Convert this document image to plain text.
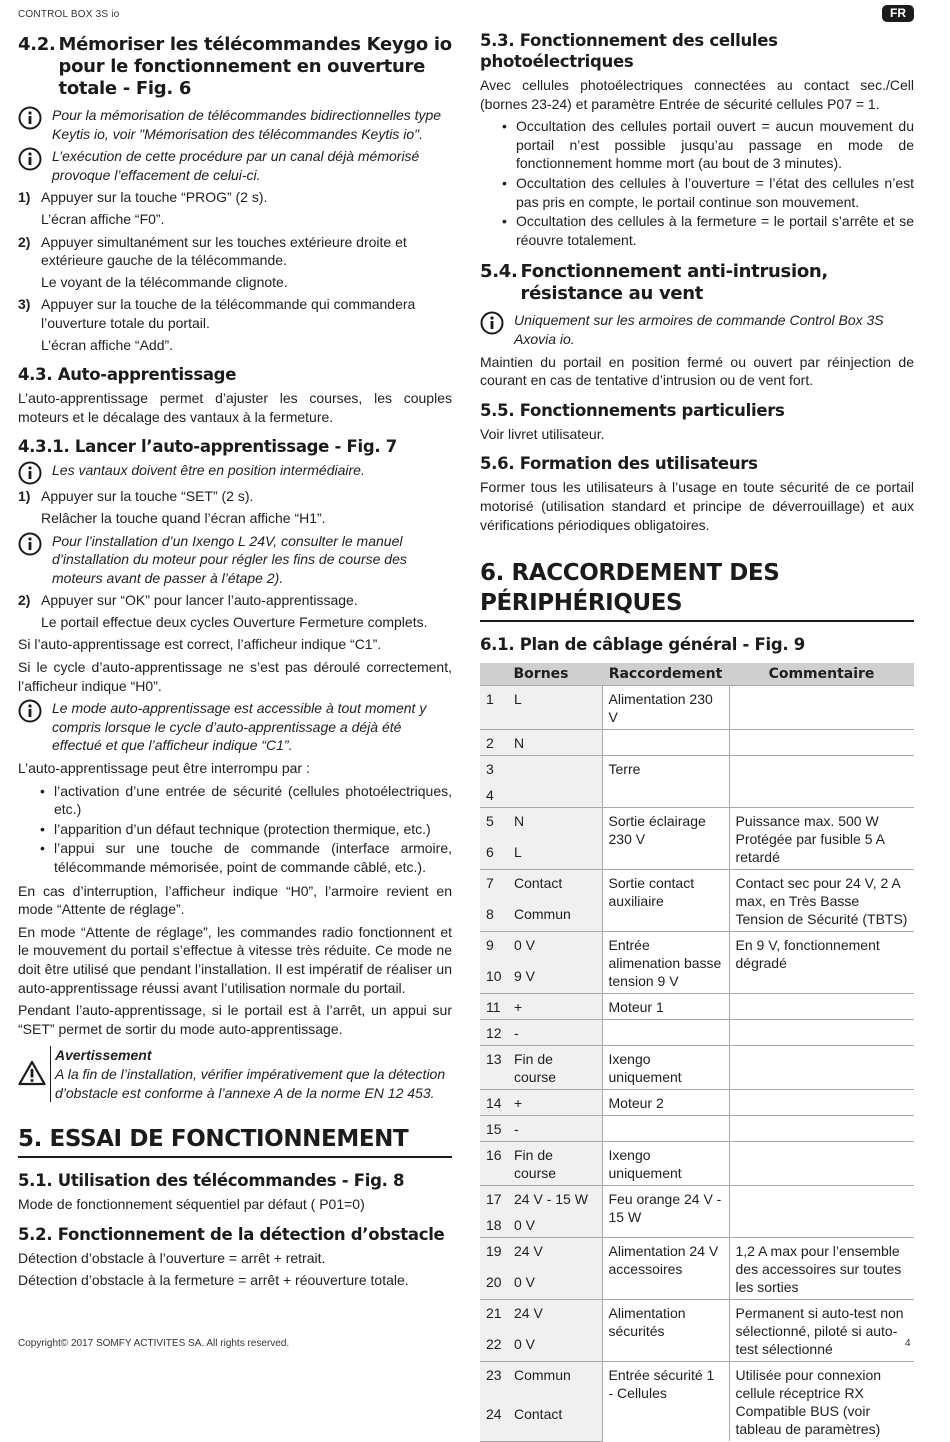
CONTROL BOX 3S io	FR
4.2. Mémoriser les télécommandes Keygo io pour le fonctionnement en ouverture totale - Fig. 6
Pour la mémorisation de télécommandes bidirectionnelles type Keytis io, voir "Mémorisation des télécommandes Keytis io".
L’exécution de cette procédure par un canal déjà mémorisé provoque l’effacement de celui-ci.
1) Appuyer sur la touche “PROG” (2 s).
L’écran affiche “F0”.
2) Appuyer simultanément sur les touches extérieure droite et extérieure gauche de la télécommande.
Le voyant de la télécommande clignote.
3) Appuyer sur la touche de la télécommande qui commandera l’ouverture totale du portail.
L’écran affiche “Add”.
4.3. Auto-apprentissage

L’auto-apprentissage permet d’ajuster les courses, les couples moteurs et le décalage des vantaux à la fermeture.

4.3.1. Lancer l’auto-apprentissage - Fig. 7
Les vantaux doivent être en position intermédiaire.
1) Appuyer sur la touche “SET” (2 s).
Relâcher la touche quand l’écran affiche “H1”.
Pour l’installation d’un Ixengo L 24V, consulter le manuel d’installation du moteur pour régler les fins de course des moteurs avant de passer à l’étape 2).
2) Appuyer sur “OK” pour lancer l’auto-apprentissage.
Le portail effectue deux cycles Ouverture Fermeture complets.

Si l’auto-apprentissage est correct, l’afficheur indique “C1”.

Si le cycle d’auto-apprentissage ne s’est pas déroulé correctement, l’afficheur indique “H0”.

Le mode auto-apprentissage est accessible à tout moment y compris lorsque le cycle d’auto-apprentissage a déjà été effectué et que l’afficheur indique “C1”.

L’auto-apprentissage peut être interrompu par :

• l’activation d’une entrée de sécurité (cellules photoélectriques, etc.)
• l’apparition d’un défaut technique (protection thermique, etc.)
• l’appui sur une touche de commande (interface armoire, télécommande mémorisée, point de commande câblé, etc.).

En cas d’interruption, l’afficheur indique “H0”, l’armoire revient en mode “Attente de réglage”.

En mode “Attente de réglage”, les commandes radio fonctionnent et le mouvement du portail s’effectue à vitesse très réduite. Ce mode ne doit être utilisé que pendant l’installation. Il est impératif de réaliser un auto-apprentissage réussi avant l’utilisation normale du portail.

Pendant l’auto-apprentissage, si le portail est à l’arrêt, un appui sur “SET” permet de sortir du mode auto-apprentissage.

Avertissement
A la fin de l’installation, vérifier impérativement que la détection d’obstacle est conforme à l’annexe A de la norme EN 12 453.
5. ESSAI DE FONCTIONNEMENT
5.1. Utilisation des télécommandes - Fig. 8

Mode de fonctionnement séquentiel par défaut ( P01=0)

5.2. Fonctionnement de la détection d’obstacle

Détection d’obstacle à l’ouverture = arrêt + retrait.

Détection d’obstacle à la fermeture = arrêt + réouverture totale.

5.3. Fonctionnement des cellules photoélectriques

Avec cellules photoélectriques connectées au contact sec./Cell (bornes 23-24) et paramètre Entrée de sécurité cellules P07 = 1.

• Occultation des cellules portail ouvert = aucun mouvement du portail n’est possible jusqu’au passage en mode de fonctionnement homme mort (au bout de 3 minutes).
• Occultation des cellules à l’ouverture = l’état des cellules n’est pas pris en compte, le portail continue son mouvement.
• Occultation des cellules à la fermeture = le portail s’arrête et se réouvre totalement.
5.4. Fonctionnement anti-intrusion, résistance au vent
Uniquement sur les armoires de commande Control Box 3S Axovia io.

Maintien du portail en position fermé ou ouvert par réinjection de courant en cas de tentative d’intrusion ou de vent fort.

5.5. Fonctionnements particuliers

Voir livret utilisateur.

5.6. Formation des utilisateurs

Former tous les utilisateurs à l’usage en toute sécurité de ce portail motorisé (utilisation standard et principe de déverrouillage) et aux vérifications périodiques obligatoires.

6. RACCORDEMENT DES PÉRIPHÉRIQUES
6.1. Plan de câblage général - Fig. 9
Bornes		Raccordement	Commentaire
1	L	Alimentation 230 V	
2	N		
3		Terre	
4			
5	N	Sortie éclairage 230 V	Puissance max. 500 W Protégée par fusible 5 A retardé
6	L		
7	Contact	Sortie contact auxiliaire	Contact sec pour 24 V, 2 A max, en Très Basse Tension de Sécurité (TBTS)
8	Commun		
9	0 V	Entrée alimenation basse tension 9 V	En 9 V, fonctionnement dégradé
10	9 V		
11	+	Moteur 1	
12	-		
13	Fin de course	Ixengo uniquement	
14	+	Moteur 2	
15	-		
16	Fin de course	Ixengo uniquement	
17	24 V - 15 W	Feu orange 24 V - 15 W	
18	0 V		
19	24 V	Alimentation 24 V accessoires	1,2 A max pour l’ensemble des accessoires sur toutes les sorties
20	0 V		
21	24 V	Alimentation sécurités	Permanent si auto-test non sélectionné, piloté si auto-test sélectionné
22	0 V		
23	Commun	Entrée sécurité 1 - Cellules	Utilisée pour connexion cellule réceptrice RX Compatible BUS (voir tableau de paramètres)
24	Contact		
Copyright© 2017 SOMFY ACTIVITES SA. All rights reserved.	4
